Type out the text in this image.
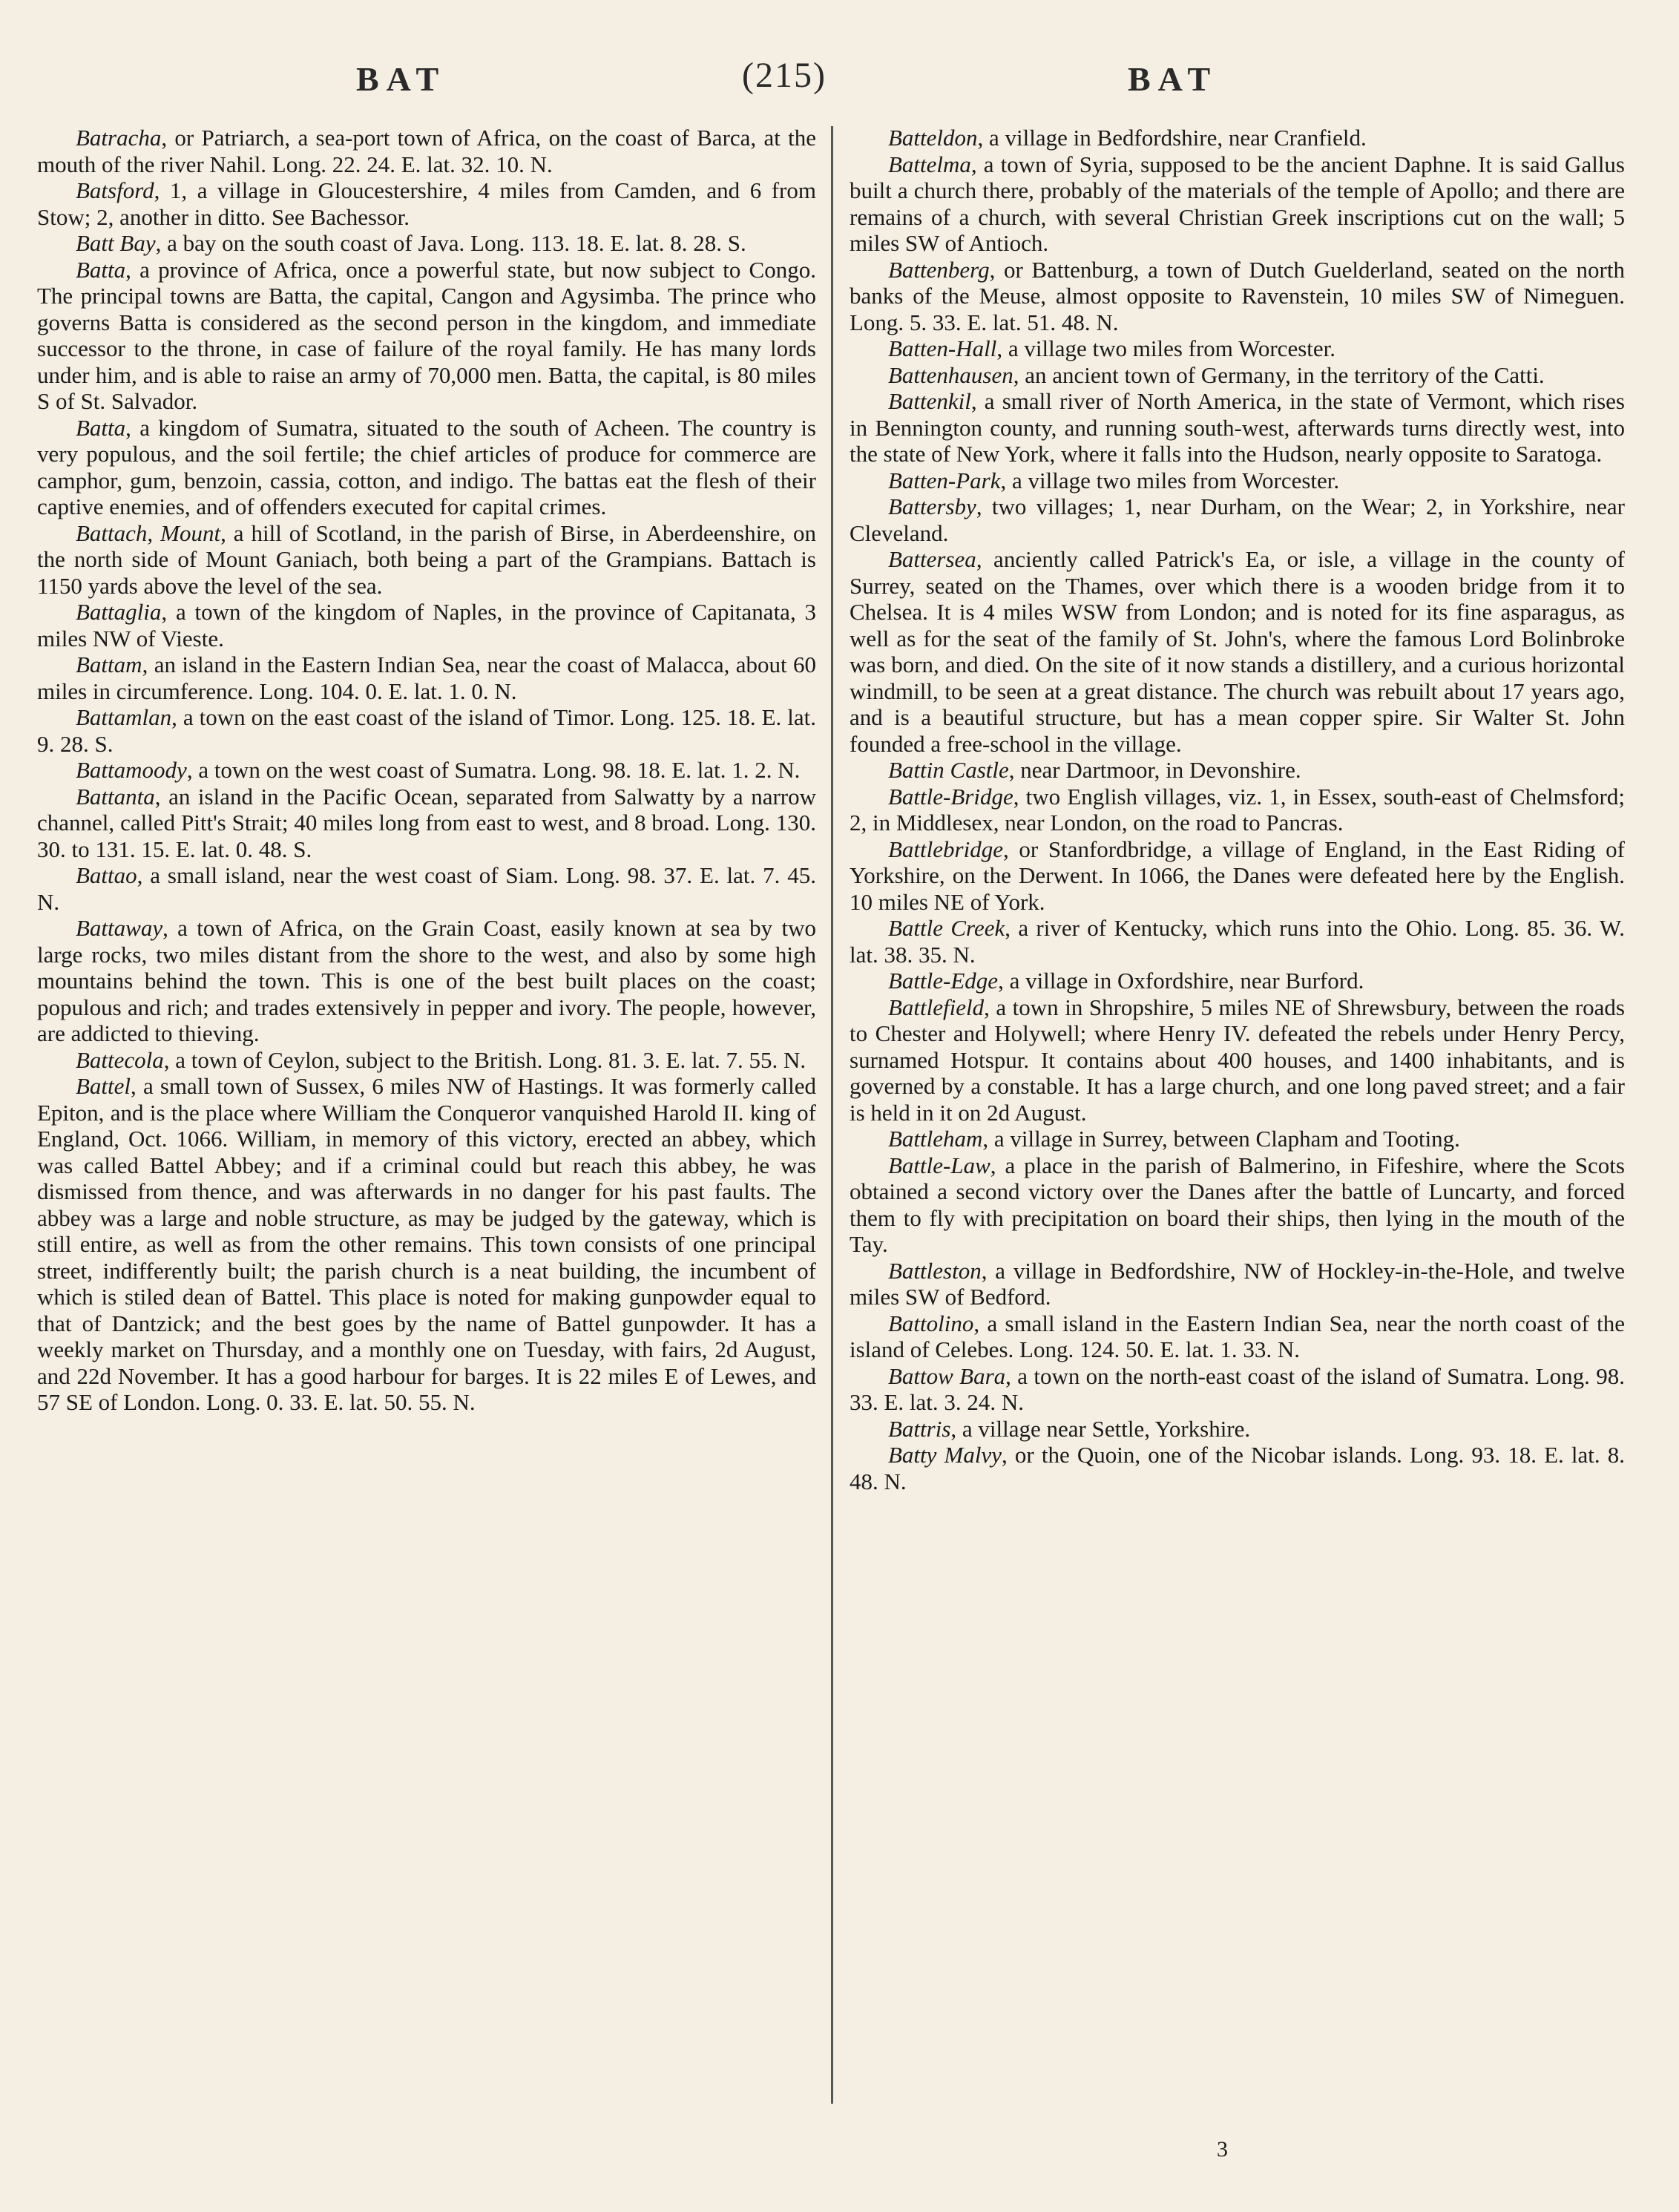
BAT	(215)	BAT

Batracha, or Patriarch, a sea-port town of Africa, on the coast of Barca, at the mouth of the river Nahil. Long. 22. 24. E. lat. 32. 10. N.

Batsford, 1, a village in Gloucestershire, 4 miles from Camden, and 6 from Stow; 2, another in ditto. See Bachessor.

Batt Bay, a bay on the south coast of Java. Long. 113. 18. E. lat. 8. 28. S.

Batta, a province of Africa, once a powerful state, but now subject to Congo. The principal towns are Batta, the capital, Cangon and Agysimba. The prince who governs Batta is considered as the second person in the kingdom, and immediate successor to the throne, in case of failure of the royal family. He has many lords under him, and is able to raise an army of 70,000 men. Batta, the capital, is 80 miles S of St. Salvador.

Batta, a kingdom of Sumatra, situated to the south of Acheen. The country is very populous, and the soil fertile; the chief articles of produce for commerce are camphor, gum, benzoin, cassia, cotton, and indigo. The battas eat the flesh of their captive enemies, and of offenders executed for capital crimes.

Battach, Mount, a hill of Scotland, in the parish of Birse, in Aberdeenshire, on the north side of Mount Ganiach, both being a part of the Grampians. Battach is 1150 yards above the level of the sea.

Battaglia, a town of the kingdom of Naples, in the province of Capitanata, 3 miles NW of Vieste.

Battam, an island in the Eastern Indian Sea, near the coast of Malacca, about 60 miles in circumference. Long. 104. 0. E. lat. 1. 0. N.

Battamlan, a town on the east coast of the island of Timor. Long. 125. 18. E. lat. 9. 28. S.

Battamoody, a town on the west coast of Sumatra. Long. 98. 18. E. lat. 1. 2. N.

Battanta, an island in the Pacific Ocean, separated from Salwatty by a narrow channel, called Pitt's Strait; 40 miles long from east to west, and 8 broad. Long. 130. 30. to 131. 15. E. lat. 0. 48. S.

Battao, a small island, near the west coast of Siam. Long. 98. 37. E. lat. 7. 45. N.

Battaway, a town of Africa, on the Grain Coast, easily known at sea by two large rocks, two miles distant from the shore to the west, and also by some high mountains behind the town. This is one of the best built places on the coast; populous and rich; and trades extensively in pepper and ivory. The people, however, are addicted to thieving.

Battecola, a town of Ceylon, subject to the British. Long. 81. 3. E. lat. 7. 55. N.

Battel, a small town of Sussex, 6 miles NW of Hastings. It was formerly called Epiton, and is the place where William the Conqueror vanquished Harold II. king of England, Oct. 1066. William, in memory of this victory, erected an abbey, which was called Battel Abbey; and if a criminal could but reach this abbey, he was dismissed from thence, and was afterwards in no danger for his past faults. The abbey was a large and noble structure, as may be judged by the gateway, which is still entire, as well as from the other remains. This town consists of one principal street, indifferently built; the parish church is a neat building, the incumbent of which is stiled dean of Battel. This place is noted for making gunpowder equal to that of Dantzick; and the best goes by the name of Battel gunpowder. It has a weekly market on Thursday, and a monthly one on Tuesday, with fairs, 2d August, and 22d November. It has a good harbour for barges. It is 22 miles E of Lewes, and 57 SE of London. Long. 0. 33. E. lat. 50. 55. N.

Batteldon, a village in Bedfordshire, near Cranfield.

Battelma, a town of Syria, supposed to be the ancient Daphne. It is said Gallus built a church there, probably of the materials of the temple of Apollo; and there are remains of a church, with several Christian Greek inscriptions cut on the wall; 5 miles SW of Antioch.

Battenberg, or Battenburg, a town of Dutch Guelderland, seated on the north banks of the Meuse, almost opposite to Ravenstein, 10 miles SW of Nimeguen. Long. 5. 33. E. lat. 51. 48. N.

Batten-Hall, a village two miles from Worcester.

Battenhausen, an ancient town of Germany, in the territory of the Catti.

Battenkil, a small river of North America, in the state of Vermont, which rises in Bennington county, and running south-west, afterwards turns directly west, into the state of New York, where it falls into the Hudson, nearly opposite to Saratoga.

Batten-Park, a village two miles from Worcester.

Battersby, two villages; 1, near Durham, on the Wear; 2, in Yorkshire, near Cleveland.

Battersea, anciently called Patrick's Ea, or isle, a village in the county of Surrey, seated on the Thames, over which there is a wooden bridge from it to Chelsea. It is 4 miles WSW from London; and is noted for its fine asparagus, as well as for the seat of the family of St. John's, where the famous Lord Bolinbroke was born, and died. On the site of it now stands a distillery, and a curious horizontal windmill, to be seen at a great distance. The church was rebuilt about 17 years ago, and is a beautiful structure, but has a mean copper spire. Sir Walter St. John founded a free-school in the village.

Battin Castle, near Dartmoor, in Devonshire.

Battle-Bridge, two English villages, viz. 1, in Essex, south-east of Chelmsford; 2, in Middlesex, near London, on the road to Pancras.

Battlebridge, or Stanfordbridge, a village of England, in the East Riding of Yorkshire, on the Derwent. In 1066, the Danes were defeated here by the English. 10 miles NE of York.

Battle Creek, a river of Kentucky, which runs into the Ohio. Long. 85. 36. W. lat. 38. 35. N.

Battle-Edge, a village in Oxfordshire, near Burford.

Battlefield, a town in Shropshire, 5 miles NE of Shrewsbury, between the roads to Chester and Holywell; where Henry IV. defeated the rebels under Henry Percy, surnamed Hotspur. It contains about 400 houses, and 1400 inhabitants, and is governed by a constable. It has a large church, and one long paved street; and a fair is held in it on 2d August.

Battleham, a village in Surrey, between Clapham and Tooting.

Battle-Law, a place in the parish of Balmerino, in Fifeshire, where the Scots obtained a second victory over the Danes after the battle of Luncarty, and forced them to fly with precipitation on board their ships, then lying in the mouth of the Tay.

Battleston, a village in Bedfordshire, NW of Hockley-in-the-Hole, and twelve miles SW of Bedford.

Battolino, a small island in the Eastern Indian Sea, near the north coast of the island of Celebes. Long. 124. 50. E. lat. 1. 33. N.

Battow Bara, a town on the north-east coast of the island of Sumatra. Long. 98. 33. E. lat. 3. 24. N.

Battris, a village near Settle, Yorkshire.

Batty Malvy, or the Quoin, one of the Nicobar islands. Long. 93. 18. E. lat. 8. 48. N.

3
